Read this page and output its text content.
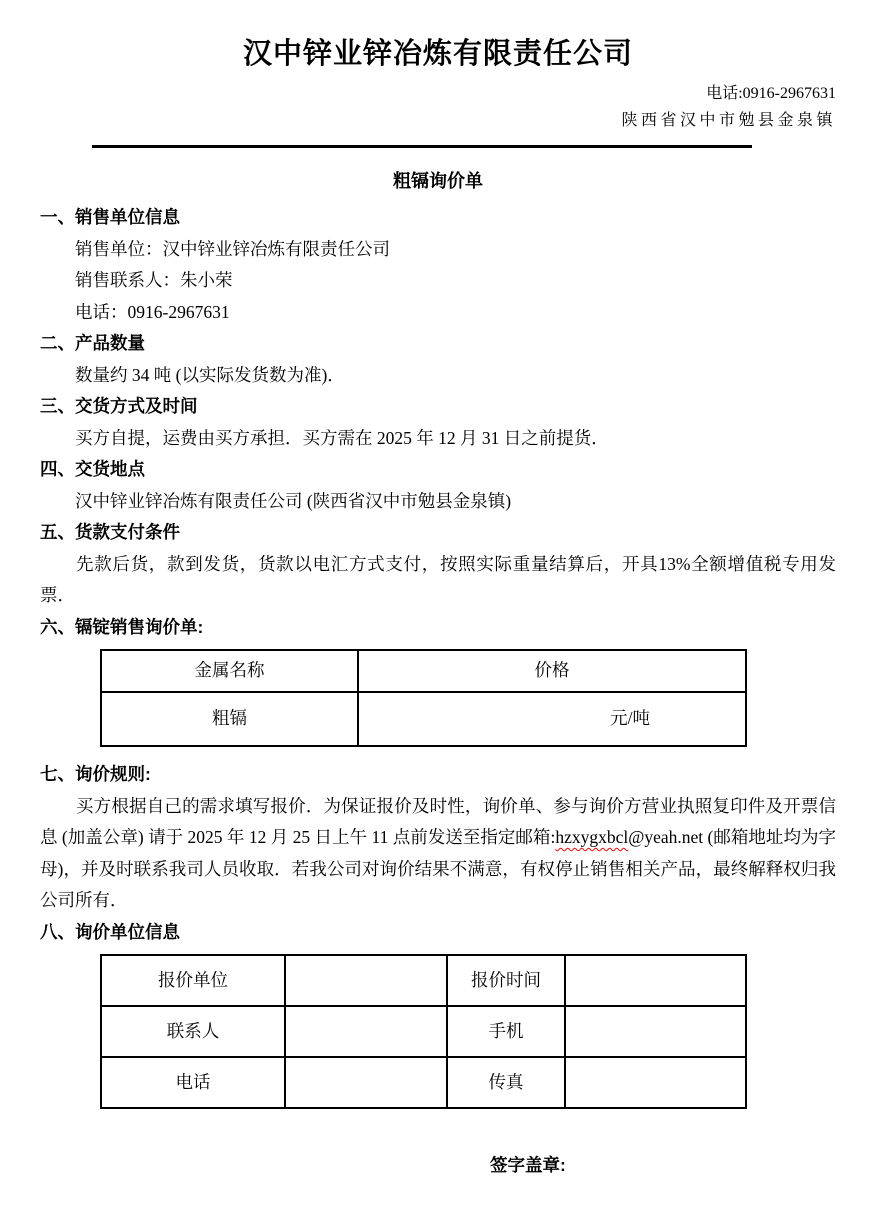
汉中锌业锌冶炼有限责任公司
电话:0916-2967631
陕西省汉中市勉县金泉镇
粗镉询价单
一、销售单位信息
销售单位：汉中锌业锌冶炼有限责任公司
销售联系人：朱小荣
电话：0916-2967631
二、产品数量
数量约 34 吨 (以实际发货数为准)．
三、交货方式及时间
买方自提，运费由买方承担．买方需在 2025 年 12 月 31 日之前提货．
四、交货地点
汉中锌业锌冶炼有限责任公司 (陕西省汉中市勉县金泉镇)
五、货款支付条件

先款后货，款到发货，货款以电汇方式支付，按照实际重量结算后，开具13%全额增值税专用发票．

六、镉锭销售询价单:
金属名称	价格
粗镉	元/吨
七、询价规则:

买方根据自己的需求填写报价．为保证报价及时性，询价单、参与询价方营业执照复印件及开票信息 (加盖公章) 请于 2025 年 12 月 25 日上午 11 点前发送至指定邮箱:hzxygxbcl@yeah.net (邮箱地址均为字母)，并及时联系我司人员收取．若我公司对询价结果不满意，有权停止销售相关产品，最终解释权归我公司所有．

八、询价单位信息
报价单位		报价时间	
联系人		手机	
电话		传真	
签字盖章:
